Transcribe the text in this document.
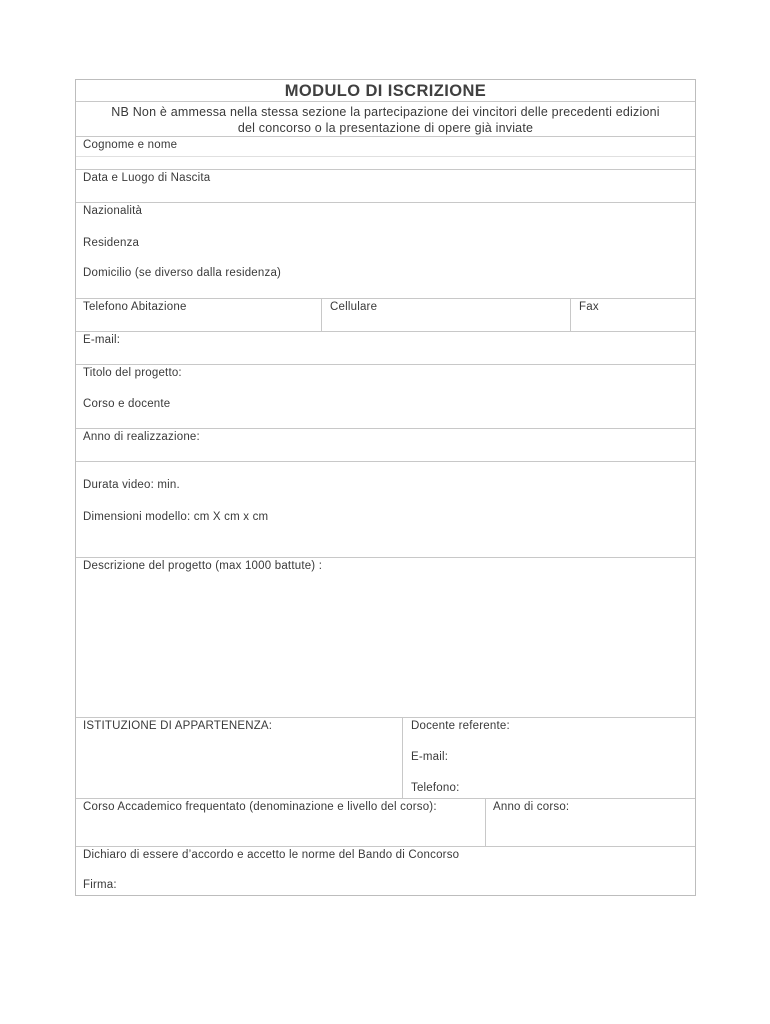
MODULO DI ISCRIZIONE
NB Non è ammessa nella stessa sezione la partecipazione dei vincitori delle precedenti edizioni
del concorso o la presentazione di opere già inviate
Cognome e nome
Data e Luogo di Nascita
Nazionalità
Residenza
Domicilio (se diverso dalla residenza)
Telefono Abitazione	Cellulare	Fax
E-mail:
Titolo del progetto:
Corso e docente
Anno di realizzazione:
Durata video: min.
Dimensioni modello: cm X cm x cm
Descrizione del progetto (max 1000 battute) :
ISTITUZIONE DI APPARTENENZA:	Docente referente:
E-mail:
Telefono:
Corso Accademico frequentato (denominazione e livello del corso):	Anno di corso:
Dichiaro di essere d’accordo e accetto le norme del Bando di Concorso
Firma:
